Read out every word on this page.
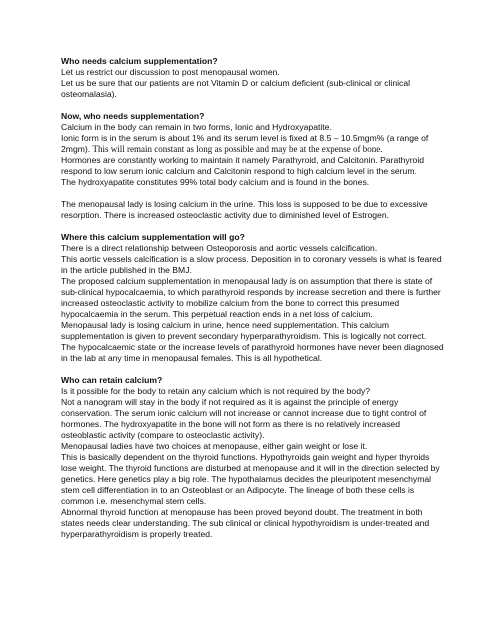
Who needs calcium supplementation?

Let us restrict our discussion to post menopausal women.

Let us be sure that our patients are not Vitamin D or calcium deficient (sub-clinical or clinical osteomalasia).

Now, who needs supplementation?

Calcium in the body can remain in two forms, Ionic and Hydroxyapatite.

Ionic form is in the serum is about 1% and its serum level is fixed at 8.5 – 10.5mgm% (a range of 2mgm). This will remain constant as long as possible and may be at the expense of bone.

Hormones are constantly working to maintain it namely Parathyroid, and Calcitonin. Parathyroid respond to low serum ionic calcium and Calcitonin respond to high calcium level in the serum.

The hydroxyapatite constitutes 99% total body calcium and is found in the bones.

The menopausal lady is losing calcium in the urine. This loss is supposed to be due to excessive resorption. There is increased osteoclastic activity due to diminished level of Estrogen.

Where this calcium supplementation will go?

There is a direct relationship between Osteoporosis and aortic vessels calcification.

This aortic vessels calcification is a slow process. Deposition in to coronary vessels is what is feared in the article published in the BMJ.

The proposed calcium supplementation in menopausal lady is on assumption that there is state of sub-clinical hypocalcaemia, to which parathyroid responds by increase secretion and there is further increased osteoclastic activity to mobilize calcium from the bone to correct this presumed hypocalcaemia in the serum. This perpetual reaction ends in a net loss of calcium.

Menopausal lady is losing calcium in urine, hence need supplementation. This calcium supplementation is given to prevent secondary hyperparathyroidism. This is logically not correct.

The hypocalcaemic state or the increase levels of parathyroid hormones have never been diagnosed in the lab at any time in menopausal females. This is all hypothetical.

Who can retain calcium?

Is it possible for the body to retain any calcium which is not required by the body?

Not a nanogram will stay in the body if not required as it is against the principle of energy conservation. The serum ionic calcium will not increase or cannot increase due to tight control of hormones. The hydroxyapatite in the bone will not form as there is no relatively increased osteoblastic activity (compare to osteoclastic activity).

Menopausal ladies have two choices at menopause, either gain weight or lose it.

This is basically dependent on the thyroid functions. Hypothyroids gain weight and hyper thyroids lose weight. The thyroid functions are disturbed at menopause and it will in the direction selected by genetics. Here genetics play a big role. The hypothalamus decides the pleuripotent mesenchymal stem cell differentiation in to an Osteoblast or an Adipocyte. The lineage of both these cells is common i.e. mesenchymal stem cells.

Abnormal thyroid function at menopause has been proved beyond doubt. The treatment in both states needs clear understanding. The sub clinical or clinical hypothyroidism is under-treated and hyperparathyroidism is properly treated.
